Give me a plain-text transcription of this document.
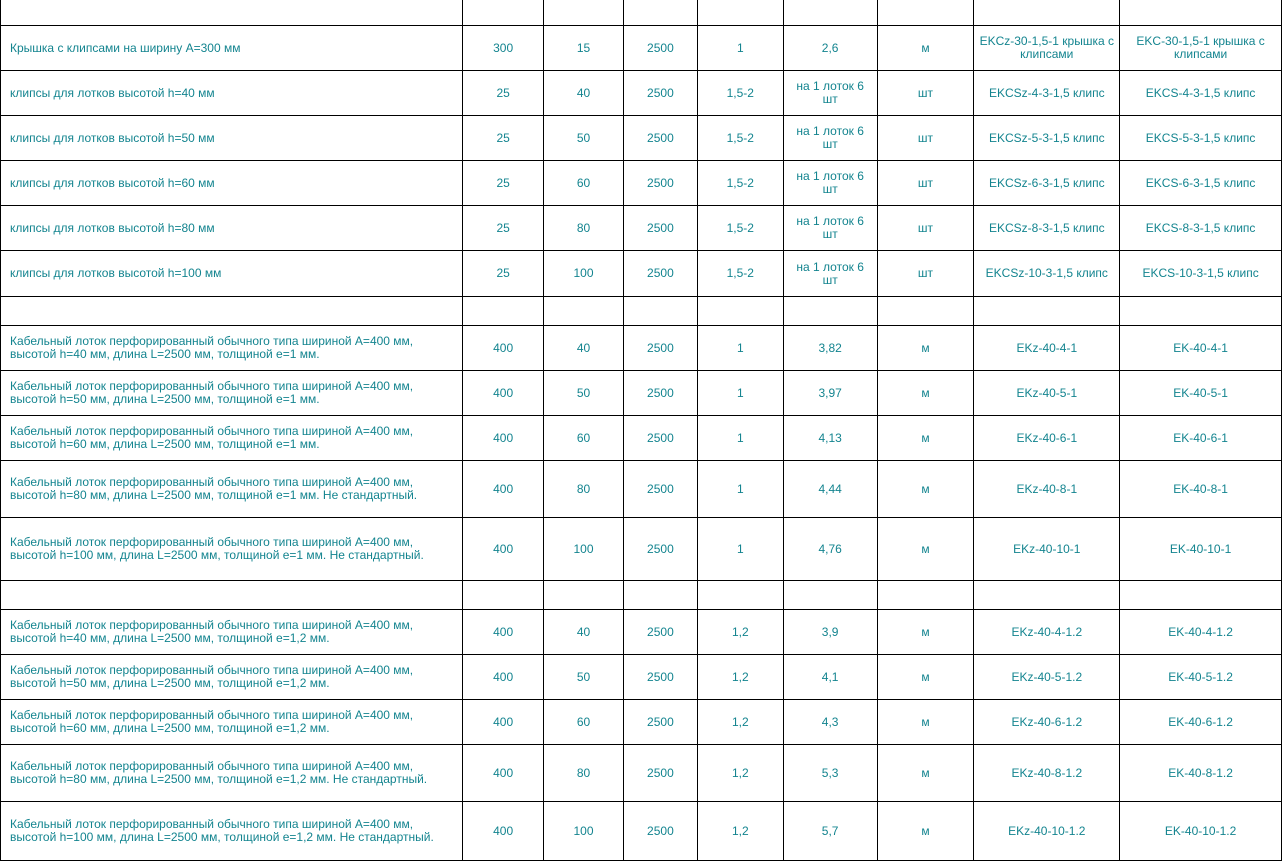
Крышка с клипсами на ширину А=300 мм	300	15	2500	1	2,6	м	EKCz-30-1,5-1 крышка с клипсами	EKC-30-1,5-1 крышка с клипсами
клипсы для лотков высотой h=40 мм	25	40	2500	1,5-2	на 1 лоток 6 шт	шт	EKCSz-4-3-1,5 клипс	EKCS-4-3-1,5 клипс
клипсы для лотков высотой h=50 мм	25	50	2500	1,5-2	на 1 лоток 6 шт	шт	EKCSz-5-3-1,5 клипс	EKCS-5-3-1,5 клипс
клипсы для лотков высотой h=60 мм	25	60	2500	1,5-2	на 1 лоток 6 шт	шт	EKCSz-6-3-1,5 клипс	EKCS-6-3-1,5 клипс
клипсы для лотков высотой h=80 мм	25	80	2500	1,5-2	на 1 лоток 6 шт	шт	EKCSz-8-3-1,5 клипс	EKCS-8-3-1,5 клипс
клипсы для лотков высотой h=100 мм	25	100	2500	1,5-2	на 1 лоток 6 шт	шт	EKCSz-10-3-1,5 клипс	EKCS-10-3-1,5 клипс

Кабельный лоток перфорированный обычного типа шириной А=400 мм, высотой h=40 мм, длина L=2500 мм, толщиной е=1 мм.	400	40	2500	1	3,82	м	EKz-40-4-1	EK-40-4-1
Кабельный лоток перфорированный обычного типа шириной А=400 мм, высотой h=50 мм, длина L=2500 мм, толщиной е=1 мм.	400	50	2500	1	3,97	м	EKz-40-5-1	EK-40-5-1
Кабельный лоток перфорированный обычного типа шириной А=400 мм, высотой h=60 мм, длина L=2500 мм, толщиной е=1 мм.	400	60	2500	1	4,13	м	EKz-40-6-1	EK-40-6-1
Кабельный лоток перфорированный обычного типа шириной А=400 мм, высотой h=80 мм, длина L=2500 мм, толщиной е=1 мм. Не стандартный.	400	80	2500	1	4,44	м	EKz-40-8-1	EK-40-8-1
Кабельный лоток перфорированный обычного типа шириной А=400 мм, высотой h=100 мм, длина L=2500 мм, толщиной е=1 мм. Не стандартный.	400	100	2500	1	4,76	м	EKz-40-10-1	EK-40-10-1

Кабельный лоток перфорированный обычного типа шириной А=400 мм, высотой h=40 мм, длина L=2500 мм, толщиной е=1,2 мм.	400	40	2500	1,2	3,9	м	EKz-40-4-1.2	EK-40-4-1.2
Кабельный лоток перфорированный обычного типа шириной А=400 мм, высотой h=50 мм, длина L=2500 мм, толщиной е=1,2 мм.	400	50	2500	1,2	4,1	м	EKz-40-5-1.2	EK-40-5-1.2
Кабельный лоток перфорированный обычного типа шириной А=400 мм, высотой h=60 мм, длина L=2500 мм, толщиной е=1,2 мм.	400	60	2500	1,2	4,3	м	EKz-40-6-1.2	EK-40-6-1.2
Кабельный лоток перфорированный обычного типа шириной А=400 мм, высотой h=80 мм, длина L=2500 мм, толщиной е=1,2 мм. Не стандартный.	400	80	2500	1,2	5,3	м	EKz-40-8-1.2	EK-40-8-1.2
Кабельный лоток перфорированный обычного типа шириной А=400 мм, высотой h=100 мм, длина L=2500 мм, толщиной е=1,2 мм. Не стандартный.	400	100	2500	1,2	5,7	м	EKz-40-10-1.2	EK-40-10-1.2
